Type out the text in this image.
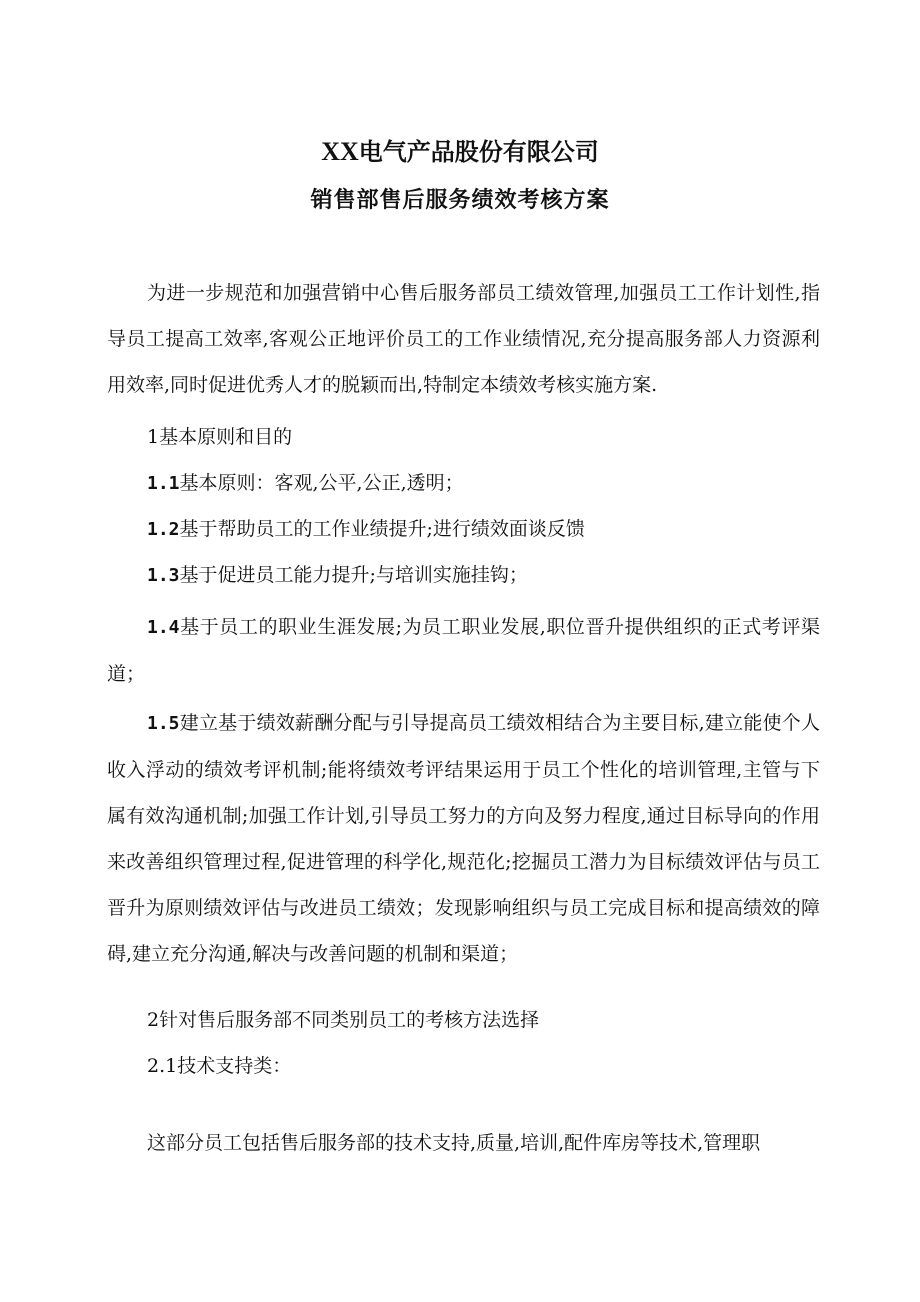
XX电气产品股份有限公司
销售部售后服务绩效考核方案

为进一步规范和加强营销中心售后服务部员工绩效管理,加强员工工作计划性,指导员工提高工效率,客观公正地评价员工的工作业绩情况,充分提高服务部人力资源利用效率,同时促进优秀人才的脱颖而出,特制定本绩效考核实施方案.

1基本原则和目的

1.1基本原则：客观,公平,公正,透明；

1.2基于帮助员工的工作业绩提升;进行绩效面谈反馈

1.3基于促进员工能力提升;与培训实施挂钩；

1.4基于员工的职业生涯发展;为员工职业发展,职位晋升提供组织的正式考评渠道；

1.5建立基于绩效薪酬分配与引导提高员工绩效相结合为主要目标,建立能使个人收入浮动的绩效考评机制;能将绩效考评结果运用于员工个性化的培训管理,主管与下属有效沟通机制;加强工作计划,引导员工努力的方向及努力程度,通过目标导向的作用来改善组织管理过程,促进管理的科学化,规范化;挖掘员工潜力为目标绩效评估与员工晋升为原则绩效评估与改进员工绩效；发现影响组织与员工完成目标和提高绩效的障碍,建立充分沟通,解决与改善问题的机制和渠道；

2针对售后服务部不同类别员工的考核方法选择

2.1技术支持类：

这部分员工包括售后服务部的技术支持,质量,培训,配件库房等技术,管理职
